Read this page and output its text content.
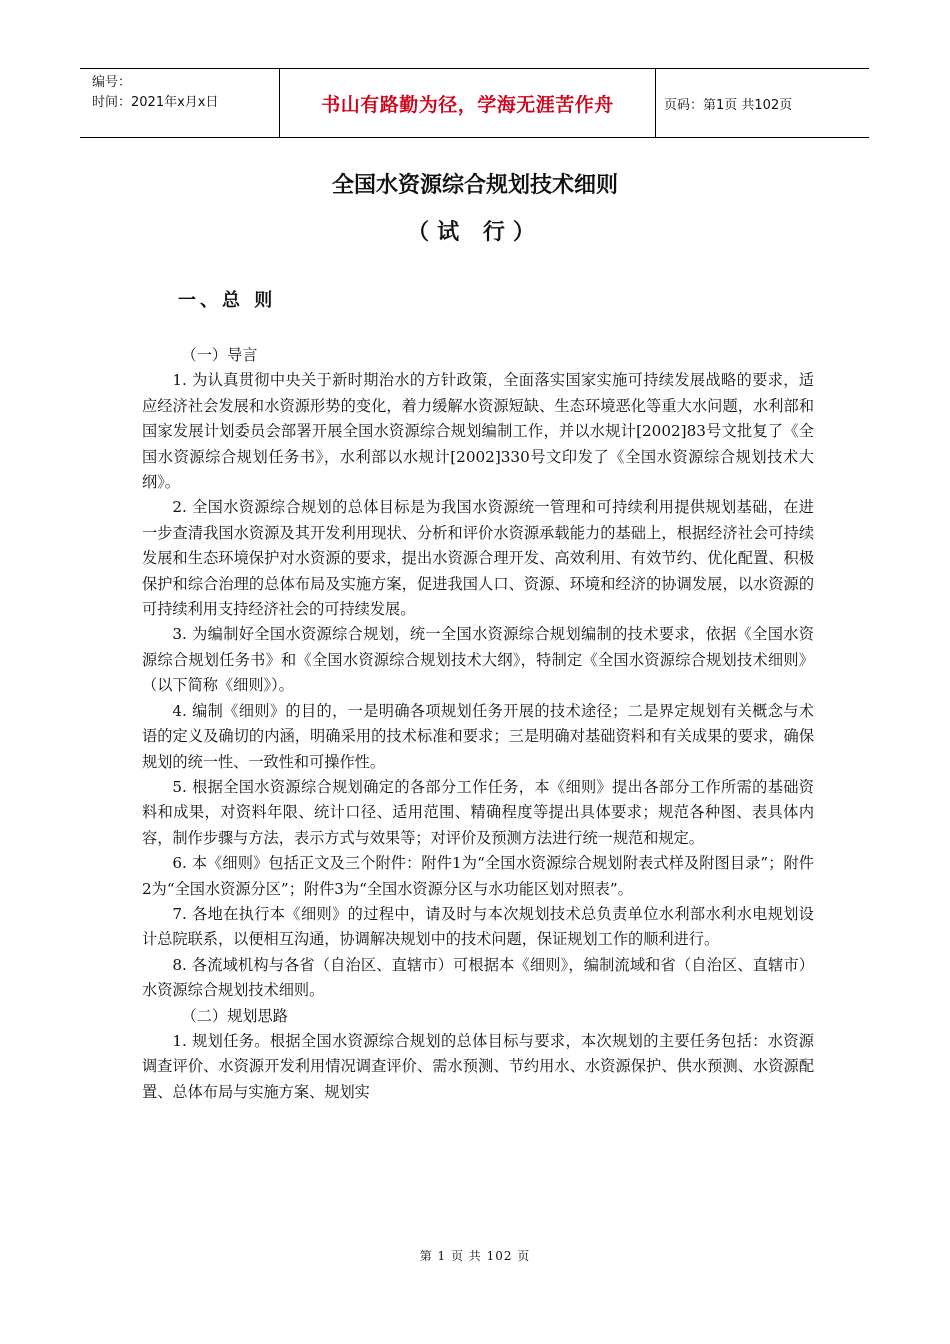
编号：
时间：2021年x月x日	书山有路勤为径，学海无涯苦作舟	页码：第1页 共102页
全国水资源综合规划技术细则
（试 行）
一、总 则

（一）导言

1. 为认真贯彻中央关于新时期治水的方针政策，全面落实国家实施可持续发展战略的要求，适应经济社会发展和水资源形势的变化，着力缓解水资源短缺、生态环境恶化等重大水问题，水利部和国家发展计划委员会部署开展全国水资源综合规划编制工作，并以水规计[2002]83号文批复了《全国水资源综合规划任务书》，水利部以水规计[2002]330号文印发了《全国水资源综合规划技术大纲》。

2. 全国水资源综合规划的总体目标是为我国水资源统一管理和可持续利用提供规划基础，在进一步查清我国水资源及其开发利用现状、分析和评价水资源承载能力的基础上，根据经济社会可持续发展和生态环境保护对水资源的要求，提出水资源合理开发、高效利用、有效节约、优化配置、积极保护和综合治理的总体布局及实施方案，促进我国人口、资源、环境和经济的协调发展，以水资源的可持续利用支持经济社会的可持续发展。

3. 为编制好全国水资源综合规划，统一全国水资源综合规划编制的技术要求，依据《全国水资源综合规划任务书》和《全国水资源综合规划技术大纲》，特制定《全国水资源综合规划技术细则》（以下简称《细则》）。

4. 编制《细则》的目的，一是明确各项规划任务开展的技术途径；二是界定规划有关概念与术语的定义及确切的内涵，明确采用的技术标准和要求；三是明确对基础资料和有关成果的要求，确保规划的统一性、一致性和可操作性。

5. 根据全国水资源综合规划确定的各部分工作任务，本《细则》提出各部分工作所需的基础资料和成果，对资料年限、统计口径、适用范围、精确程度等提出具体要求；规范各种图、表具体内容，制作步骤与方法，表示方式与效果等；对评价及预测方法进行统一规范和规定。

6. 本《细则》包括正文及三个附件：附件1为“全国水资源综合规划附表式样及附图目录”；附件2为“全国水资源分区”；附件3为“全国水资源分区与水功能区划对照表”。

7. 各地在执行本《细则》的过程中，请及时与本次规划技术总负责单位水利部水利水电规划设计总院联系，以便相互沟通，协调解决规划中的技术问题，保证规划工作的顺利进行。

8. 各流域机构与各省（自治区、直辖市）可根据本《细则》，编制流域和省（自治区、直辖市）水资源综合规划技术细则。

（二）规划思路

1. 规划任务。根据全国水资源综合规划的总体目标与要求，本次规划的主要任务包括：水资源调查评价、水资源开发利用情况调查评价、需水预测、节约用水、水资源保护、供水预测、水资源配置、总体布局与实施方案、规划实

第 1 页 共 102 页
